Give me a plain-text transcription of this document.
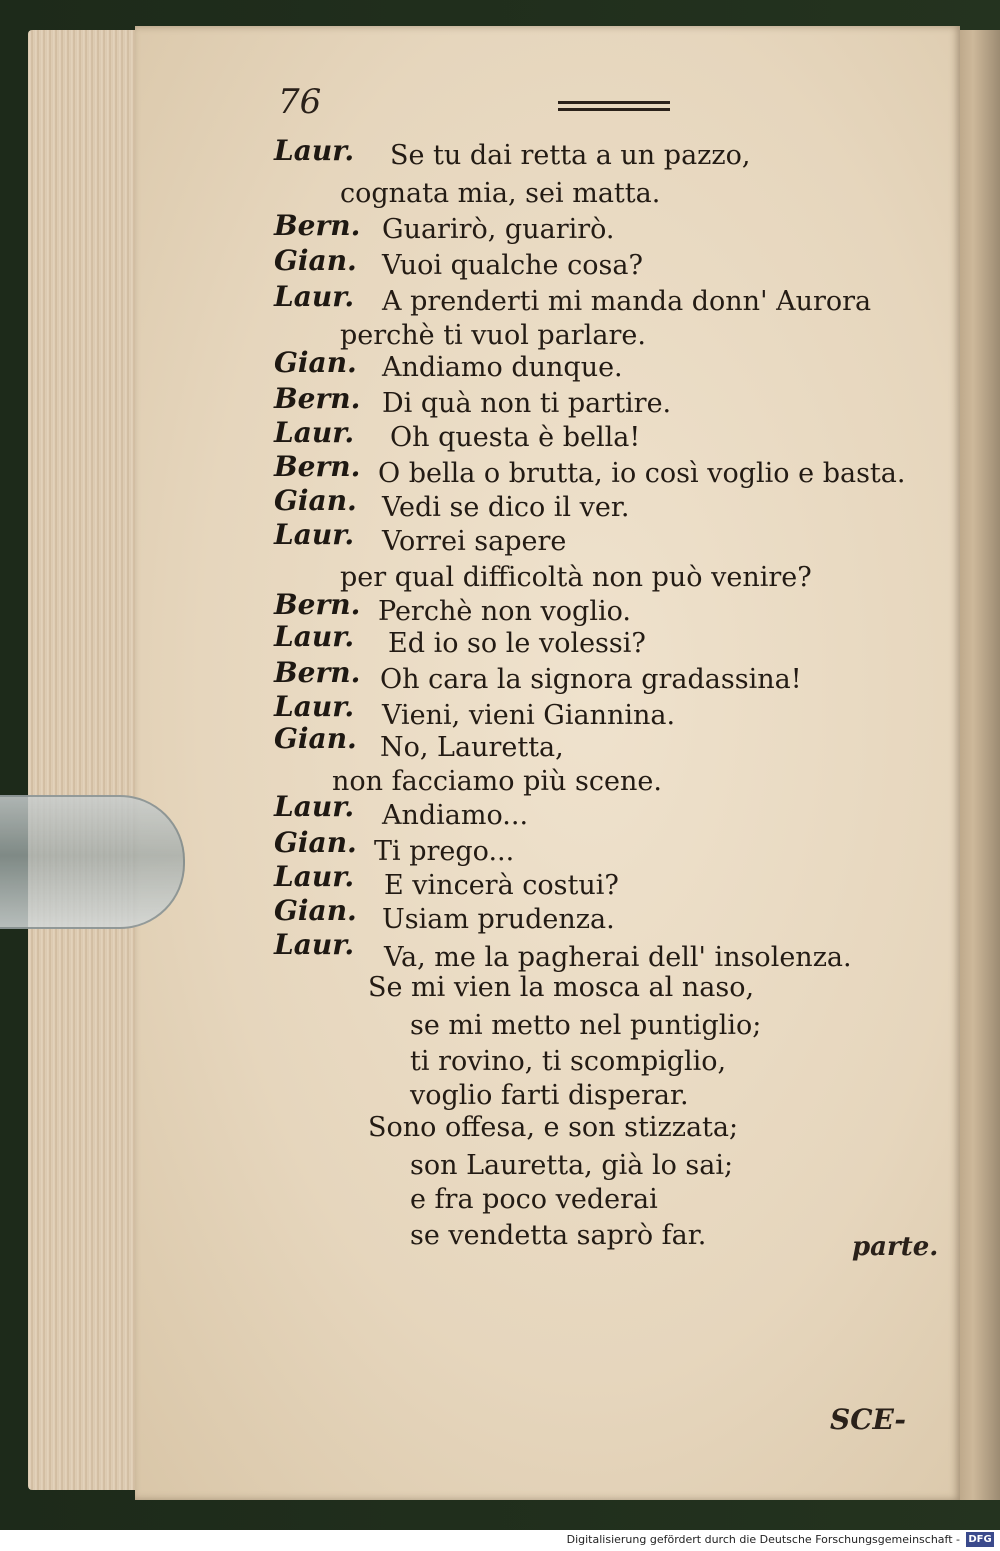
76
Laur. Se tu dai retta a un pazzo,
cognata mia, sei matta.
Bern. Guarirò, guarirò.
Gian. Vuoi qualche cosa?
Laur. A prenderti mi manda donn' Aurora
perchè ti vuol parlare.
Gian. Andiamo dunque.
Bern. Di quà non ti partire.
Laur. Oh questa è bella!
Bern. O bella o brutta, io così voglio e basta.
Gian. Vedi se dico il ver.
Laur. Vorrei sapere
per qual difficoltà non può venire?
Bern. Perchè non voglio.
Laur. Ed io so le volessi?
Bern. Oh cara la signora gradassina!
Laur. Vieni, vieni Giannina.
Gian. No, Lauretta,
non facciamo più scene.
Laur. Andiamo...
Gian. Ti prego...
Laur. E vincerà costui?
Gian. Usiam prudenza.
Laur. Va, me la pagherai dell' insolenza.
Se mi vien la mosca al naso,
se mi metto nel puntiglio;
ti rovino, ti scompiglio,
voglio farti disperar.
Sono offesa, e son stizzata;
son Lauretta, già lo sai;
e fra poco vederai
se vendetta saprò far.	parte.
SCE-
Digitalisierung gefördert durch die Deutsche Forschungsgemeinschaft - DFG
